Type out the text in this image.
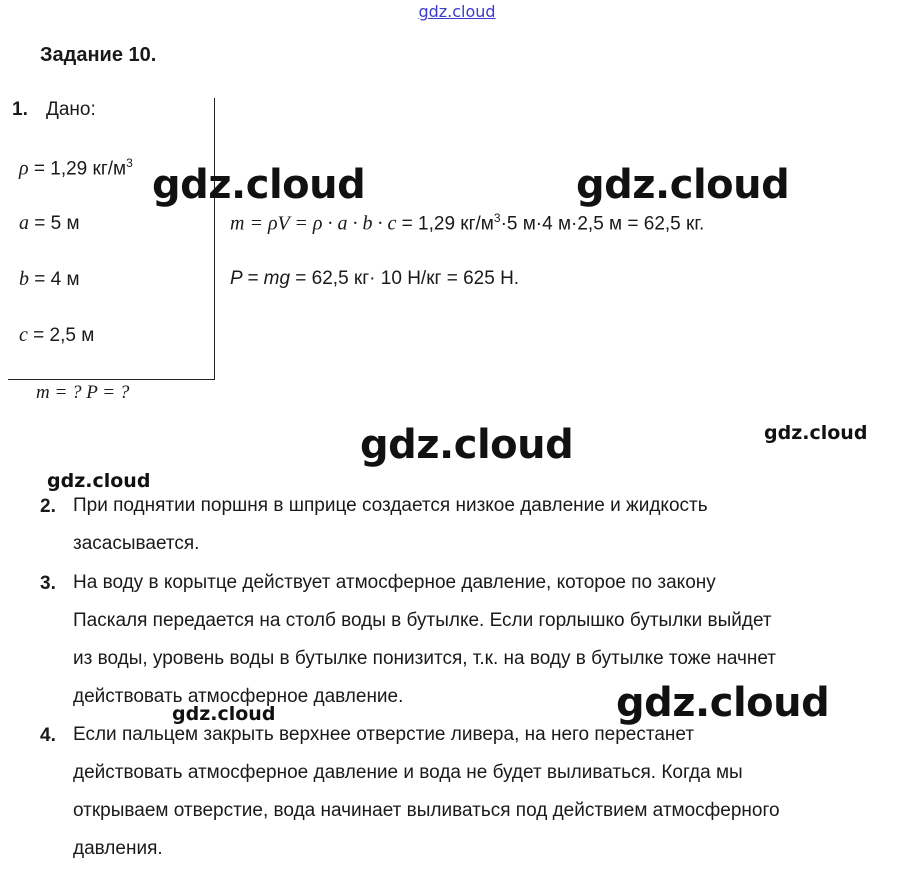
gdz.cloud
Задание 10.
1. Дано:
ρ = 1,29 $кг/м^3$
a = 5 м
b = 4 м
c = 2,5 м
m = ? P = ?
m = ρV = ρ · a · b · c = 1,29 $кг/м^3\cdot 5$ м·4 м·2,5 м = 62,5 кг.
P = mg = 62,5 кг· 10 Н/кг = 625 Н.
2. При поднятии поршня в шприце создается низкое давление и жидкость
засасывается.
3. На воду в корытце действует атмосферное давление, которое по закону
Паскаля передается на столб воды в бутылке. Если горлышко бутылки выйдет
из воды, уровень воды в бутылке понизится, т.к. на воду в бутылке тоже начнет
действовать атмосферное давление.
4. Если пальцем закрыть верхнее отверстие ливера, на него перестанет
действовать атмосферное давление и вода не будет выливаться. Когда мы
открываем отверстие, вода начинает выливаться под действием атмосферного
давления.
gdz.cloud	gdz.cloud
gdz.cloud	gdz.cloud
gdz.cloud
gdz.cloud
gdz.cloud
